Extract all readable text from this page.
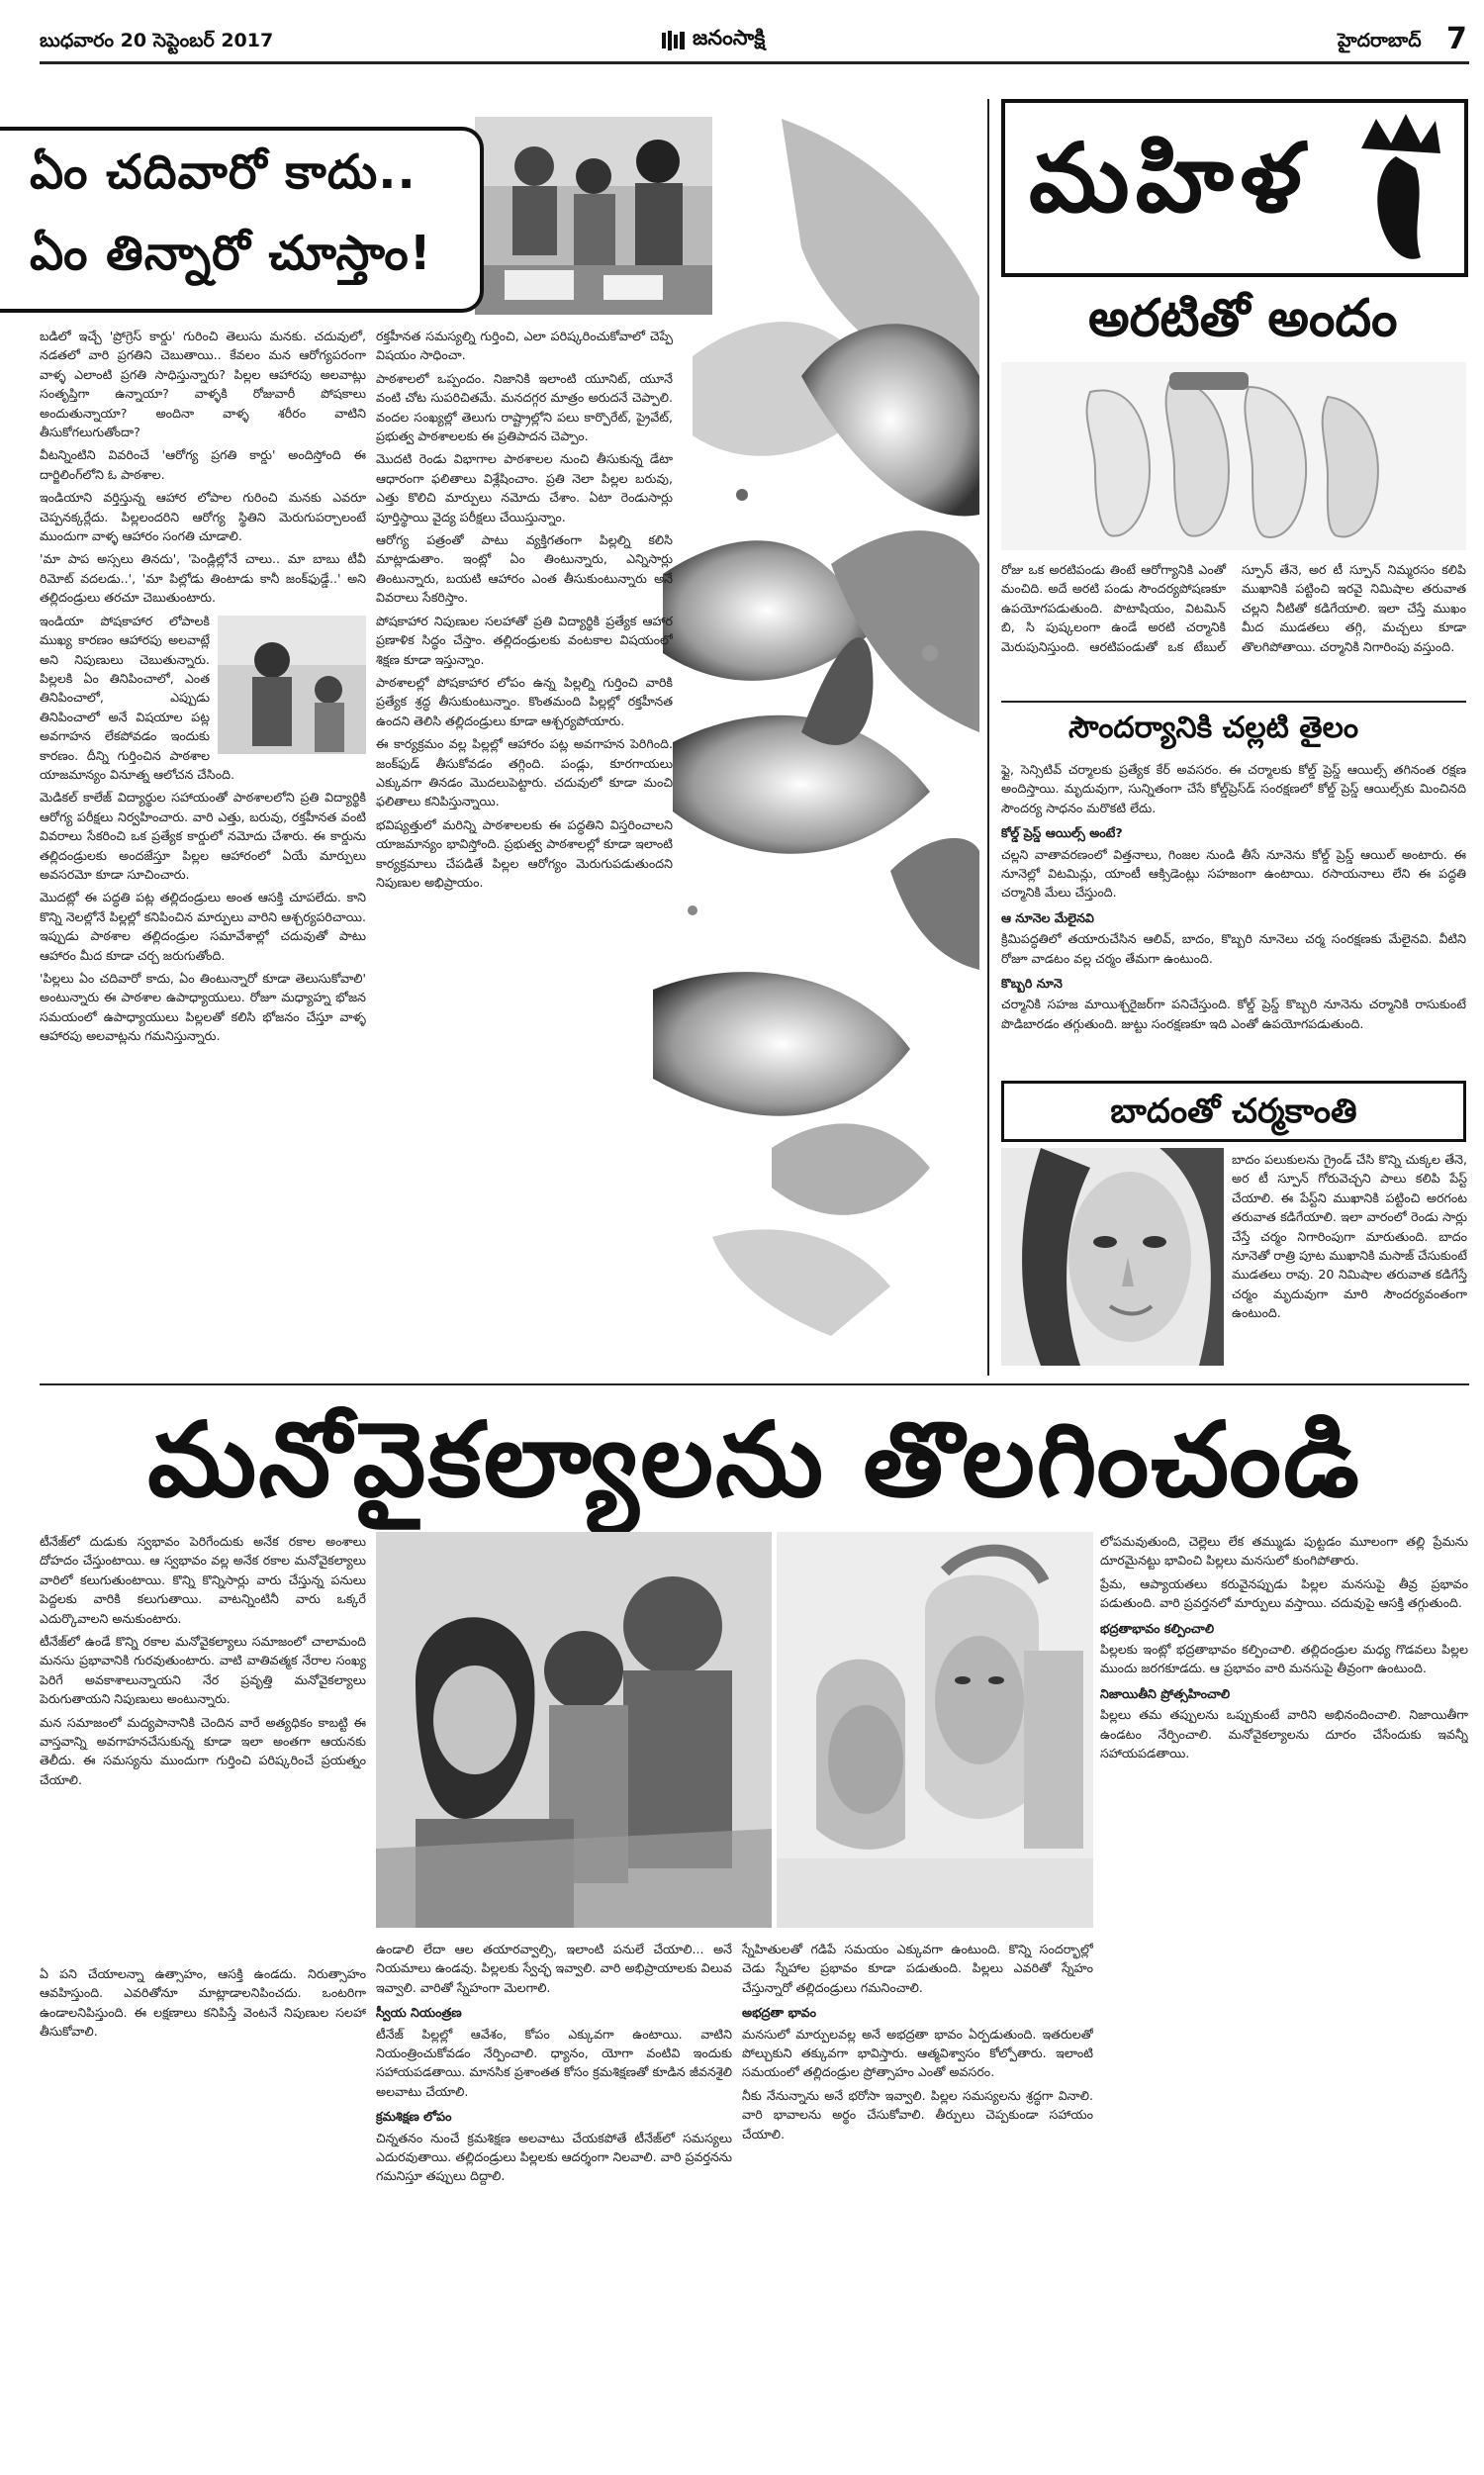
బుధవారం 20 సెప్టెంబర్ 2017	జనంసాక్షి	హైదరాబాద్ 7
ఏం చదివారో కాదు..
ఏం తిన్నారో చూస్తాం!

బడిలో ఇచ్చే 'ప్రోగ్రెస్ కార్డు' గురించి తెలుసు మనకు. చదువులో, నడతలో వారి ప్రగతిని చెబుతాయి.. కేవలం మన ఆరోగ్యపరంగా వాళ్ళ ఎలాంటి ప్రగతి సాధిస్తున్నారు? పిల్లల ఆహారపు అలవాట్లు సంతృప్తిగా ఉన్నాయా? వాళ్ళకి రోజువారీ పోషకాలు అందుతున్నాయా? అందినా వాళ్ళ శరీరం వాటిని తీసుకోగలుగుతోందా?

వీటన్నింటిని వివరించే 'ఆరోగ్య ప్రగతి కార్డు' అందిస్తోంది ఈ దార్జిలింగ్‌లోని ఓ పాఠశాల.

ఇండియాని వర్తిస్తున్న ఆహార లోపాల గురించి మనకు ఎవరూ చెప్పనక్కర్లేదు. పిల్లలందరిని ఆరోగ్య స్థితిని మెరుగుపర్చాలంటే ముందుగా వాళ్ళ ఆహారం సంగతి చూడాలి.

'మా పాప అస్సలు తినదు', 'పెండ్లిల్లోనే చాలు.. మా బాబు టీవీ రిమోట్ వదలడు..', 'మా పిల్లోడు తింటాడు కానీ జంక్‌ఫుడ్డే..' అని తల్లిదండ్రులు తరచూ చెబుతుంటారు.

ఇండియా పోషకాహార లోపాలకి ముఖ్య కారణం ఆహారపు అలవాట్లే అని నిపుణులు చెబుతున్నారు. పిల్లలకి ఏం తినిపించాలో, ఎంత తినిపించాలో, ఎప్పుడు తినిపించాలో అనే విషయాల పట్ల అవగాహన లేకపోవడం ఇందుకు కారణం. దీన్ని గుర్తించిన పాఠశాల యాజమాన్యం వినూత్న ఆలోచన చేసింది.

మెడికల్ కాలేజ్ విద్యార్థుల సహాయంతో పాఠశాలలోని ప్రతి విద్యార్థికి ఆరోగ్య పరీక్షలు నిర్వహించారు. వారి ఎత్తు, బరువు, రక్తహీనత వంటి వివరాలు సేకరించి ఒక ప్రత్యేక కార్డులో నమోదు చేశారు. ఈ కార్డును తల్లిదండ్రులకు అందజేస్తూ పిల్లల ఆహారంలో ఏయే మార్పులు అవసరమో కూడా సూచించారు.

మొదట్లో ఈ పద్ధతి పట్ల తల్లిదండ్రులు అంత ఆసక్తి చూపలేదు. కాని కొన్ని నెలల్లోనే పిల్లల్లో కనిపించిన మార్పులు వారిని ఆశ్చర్యపరిచాయి. ఇప్పుడు పాఠశాల తల్లిదండ్రుల సమావేశాల్లో చదువుతో పాటు ఆహారం మీద కూడా చర్చ జరుగుతోంది.

'పిల్లలు ఏం చదివారో కాదు, ఏం తింటున్నారో కూడా తెలుసుకోవాలి' అంటున్నారు ఈ పాఠశాల ఉపాధ్యాయులు. రోజూ మధ్యాహ్న భోజన సమయంలో ఉపాధ్యాయులు పిల్లలతో కలిసి భోజనం చేస్తూ వాళ్ళ ఆహారపు అలవాట్లను గమనిస్తున్నారు.

రక్తహీనత సమస్యల్ని గుర్తించి, ఎలా పరిష్కరించుకోవాలో చెప్పే విషయం సాధించా.

పాఠశాలలో ఒప్పందం. నిజానికి ఇలాంటి యూనిట్, యూనే వంటి చోట సుపరిచితమే. మనదగ్గర మాత్రం అరుదనే చెప్పాలి. వందల సంఖ్యల్లో తెలుగు రాష్ట్రాల్లోని పలు కార్పొరేట్, ప్రైవేట్, ప్రభుత్వ పాఠశాలలకు ఈ ప్రతిపాదన చెప్పాం.

మొదటి రెండు విభాగాల పాఠశాలల నుంచి తీసుకున్న డేటా ఆధారంగా ఫలితాలు విశ్లేషించాం. ప్రతి నెలా పిల్లల బరువు, ఎత్తు కొలిచి మార్పులు నమోదు చేశాం. ఏటా రెండుసార్లు పూర్తిస్థాయి వైద్య పరీక్షలు చేయిస్తున్నాం.

ఆరోగ్య పత్రంతో పాటు వ్యక్తిగతంగా పిల్లల్ని కలిసి మాట్లాడుతాం. ఇంట్లో ఏం తింటున్నారు, ఎన్నిసార్లు తింటున్నారు, బయటి ఆహారం ఎంత తీసుకుంటున్నారు అనే వివరాలు సేకరిస్తాం.

పోషకాహార నిపుణుల సలహాతో ప్రతి విద్యార్థికి ప్రత్యేక ఆహార ప్రణాళిక సిద్ధం చేస్తాం. తల్లిదండ్రులకు వంటకాల విషయంలో శిక్షణ కూడా ఇస్తున్నాం.

పాఠశాలల్లో పోషకాహార లోపం ఉన్న పిల్లల్ని గుర్తించి వారికి ప్రత్యేక శ్రద్ధ తీసుకుంటున్నాం. కొంతమంది పిల్లల్లో రక్తహీనత ఉందని తెలిసి తల్లిదండ్రులు కూడా ఆశ్చర్యపోయారు.

ఈ కార్యక్రమం వల్ల పిల్లల్లో ఆహారం పట్ల అవగాహన పెరిగింది. జంక్‌ఫుడ్ తీసుకోవడం తగ్గింది. పండ్లు, కూరగాయలు ఎక్కువగా తినడం మొదలుపెట్టారు. చదువులో కూడా మంచి ఫలితాలు కనిపిస్తున్నాయి.

భవిష్యత్తులో మరిన్ని పాఠశాలలకు ఈ పద్ధతిని విస్తరించాలని యాజమాన్యం భావిస్తోంది. ప్రభుత్వ పాఠశాలల్లో కూడా ఇలాంటి కార్యక్రమాలు చేపడితే పిల్లల ఆరోగ్యం మెరుగుపడుతుందని నిపుణుల అభిప్రాయం.

మహిళ
అరటితో అందం

రోజు ఒక అరటిపండు తింటే ఆరోగ్యానికి ఎంతో మంచిది. అదే అరటి పండు సౌందర్యపోషణకూ ఉపయోగపడుతుంది. పొటాషియం, విటమిన్ బి, సి పుష్కలంగా ఉండే అరటి చర్మానికి మెరుపునిస్తుంది. ఆరటిపండుతో ఒక టేబుల్ స్పూన్ తేనె, అర టీ స్పూన్ నిమ్మరసం కలిపి ముఖానికి పట్టించి ఇరవై నిమిషాల తరువాత చల్లని నీటితో కడిగేయాలి. ఇలా చేస్తే ముఖం మీద ముడతలు తగ్గి, మచ్చలు కూడా తొలగిపోతాయి. చర్మానికి నిగారింపు వస్తుంది.

సౌందర్యానికి చల్లటి తైలం

ఫ్లై, సెన్సిటివ్ చర్మాలకు ప్రత్యేక కేర్ అవసరం. ఈ చర్మాలకు కోల్డ్ ప్రెస్డ్ ఆయిల్స్ తగినంత రక్షణ అందిస్తాయి. మృదువుగా, సున్నితంగా చేసే కోల్డ్‌ప్రెస్‌డ్ సంరక్షణలో కోల్డ్ ప్రెస్డ్ ఆయిల్స్‌కు మించినది సౌందర్య సాధనం మరొకటి లేదు.

కోల్డ్ ప్రెస్డ్ ఆయిల్స్ అంటే?

చల్లని వాతావరణంలో విత్తనాలు, గింజల నుండి తీసే నూనెను కోల్డ్ ప్రెస్డ్ ఆయిల్ అంటారు. ఈ నూనెల్లో విటమిన్లు, యాంటీ ఆక్సిడెంట్లు సహజంగా ఉంటాయి. రసాయనాలు లేని ఈ పద్ధతి చర్మానికి మేలు చేస్తుంది.

ఆ నూనెల మేలైనవి

క్రిమిపద్ధతిలో తయారుచేసిన ఆలివ్, బాదం, కొబ్బరి నూనెలు చర్మ సంరక్షణకు మేలైనవి. వీటిని రోజూ వాడటం వల్ల చర్మం తేమగా ఉంటుంది.

కొబ్బరి నూనె

చర్మానికి సహజ మాయిశ్చరైజర్‌గా పనిచేస్తుంది. కోల్డ్ ప్రెస్డ్ కొబ్బరి నూనెను చర్మానికి రాసుకుంటే పొడిబారడం తగ్గుతుంది. జుట్టు సంరక్షణకూ ఇది ఎంతో ఉపయోగపడుతుంది.

బాదంతో చర్మకాంతి

బాదం పలుకులను గ్రైండ్ చేసి కొన్ని చుక్కల తేనె, అర టీ స్పూన్ గోరువెచ్చని పాలు కలిపి పేస్ట్ చేయాలి. ఈ పేస్ట్‌ని ముఖానికి పట్టించి అరగంట తరువాత కడిగేయాలి. ఇలా వారంలో రెండు సార్లు చేస్తే చర్మం నిగారింపుగా మారుతుంది. బాదం నూనెతో రాత్రి పూట ముఖానికి మసాజ్ చేసుకుంటే ముడతలు రావు. 20 నిమిషాల తరువాత కడిగేస్తే చర్మం మృదువుగా మారి సౌందర్యవంతంగా ఉంటుంది.

మనోవైకల్యాలను తొలగించండి

టీనేజ్‌లో దుడుకు స్వభావం పెరిగేందుకు అనేక రకాల అంశాలు దోహదం చేస్తుంటాయి. ఆ స్వభావం వల్ల అనేక రకాల మనోవైకల్యాలు వారిలో కలుగుతుంటాయి. కొన్ని కొన్నిసార్లు వారు చేస్తున్న పనులు పెద్దలకు వారికి కలుగుతాయి. వాటన్నింటినీ వారు ఒక్కరే ఎదుర్కొవాలని అనుకుంటారు.

టీనేజ్‌లో ఉండే కొన్ని రకాల మనోవైకల్యాలు సమాజంలో చాలామంది మనసు ప్రభావానికి గురవుతుంటారు. వాటి వాతివత్మక నేరాల సంఖ్య పెరిగే అవకాశాలున్నాయని నేర ప్రవృత్తి మనోవైకల్యాలు పెరుగుతాయని నిపుణులు అంటున్నారు.

మన సమాజంలో మద్యపానానికి చెందిన వారే అత్యధికం కాబట్టి ఈ వాస్తవాన్ని అవగాహనచేసుకున్న కూడా ఇలా అంతగా ఆయనకు తెలీదు. ఈ సమస్యను ముందుగా గుర్తించి పరిష్కరించే ప్రయత్నం చేయాలి.

లోపమవుతుంది, చెల్లెలు లేక తమ్ముడు పుట్టడం మూలంగా తల్లి ప్రేమను దూరమైనట్టు భావించి పిల్లలు మనసులో కుంగిపోతారు.

ప్రేమ, ఆప్యాయతలు కరువైనప్పుడు పిల్లల మనసుపై తీవ్ర ప్రభావం పడుతుంది. వారి ప్రవర్తనలో మార్పులు వస్తాయి. చదువుపై ఆసక్తి తగ్గుతుంది.

భద్రతాభావం కల్పించాలి

పిల్లలకు ఇంట్లో భద్రతాభావం కల్పించాలి. తల్లిదండ్రుల మధ్య గొడవలు పిల్లల ముందు జరగకూడదు. ఆ ప్రభావం వారి మనసుపై తీవ్రంగా ఉంటుంది.

నిజాయితీని ప్రోత్సహించాలి

పిల్లలు తమ తప్పులను ఒప్పుకుంటే వారిని అభినందించాలి. నిజాయితీగా ఉండటం నేర్పించాలి. మనోవైకల్యాలను దూరం చేసేందుకు ఇవన్నీ సహాయపడతాయి.

ఏ పని చేయాలన్నా ఉత్సాహం, ఆసక్తి ఉండదు. నిరుత్సాహం ఆవహిస్తుంది. ఎవరితోనూ మాట్లాడాలనిపించదు. ఒంటరిగా ఉండాలనిపిస్తుంది. ఈ లక్షణాలు కనిపిస్తే వెంటనే నిపుణుల సలహా తీసుకోవాలి.

ఉండాలి లేదా ఆల తయారవ్వాల్సి, ఇలాంటి పనులే చేయాలి... అనే నియమాలు ఉండవు. పిల్లలకు స్వేచ్ఛ ఇవ్వాలి. వారి అభిప్రాయాలకు విలువ ఇవ్వాలి. వారితో స్నేహంగా మెలగాలి.

స్వీయ నియంత్రణ

టీనేజ్ పిల్లల్లో ఆవేశం, కోపం ఎక్కువగా ఉంటాయి. వాటిని నియంత్రించుకోవడం నేర్పించాలి. ధ్యానం, యోగా వంటివి ఇందుకు సహాయపడతాయి. మానసిక ప్రశాంతత కోసం క్రమశిక్షణతో కూడిన జీవనశైలి అలవాటు చేయాలి.

క్రమశిక్షణ లోపం

చిన్నతనం నుంచే క్రమశిక్షణ అలవాటు చేయకపోతే టీనేజ్‌లో సమస్యలు ఎదురవుతాయి. తల్లిదండ్రులు పిల్లలకు ఆదర్శంగా నిలవాలి. వారి ప్రవర్తనను గమనిస్తూ తప్పులు దిద్దాలి.

స్నేహితులతో గడిపే సమయం ఎక్కువగా ఉంటుంది. కొన్ని సందర్భాల్లో చెడు స్నేహాల ప్రభావం కూడా పడుతుంది. పిల్లలు ఎవరితో స్నేహం చేస్తున్నారో తల్లిదండ్రులు గమనించాలి.

అభద్రతా భావం

మనసులో మార్పులవల్ల అనే అభద్రతా భావం ఏర్పడుతుంది. ఇతరులతో పోల్చుకుని తక్కువగా భావిస్తారు. ఆత్మవిశ్వాసం కోల్పోతారు. ఇలాంటి సమయంలో తల్లిదండ్రుల ప్రోత్సాహం ఎంతో అవసరం.

నీకు నేనున్నాను అనే భరోసా ఇవ్వాలి. పిల్లల సమస్యలను శ్రద్ధగా వినాలి. వారి భావాలను అర్థం చేసుకోవాలి. తీర్పులు చెప్పకుండా సహాయం చేయాలి.
